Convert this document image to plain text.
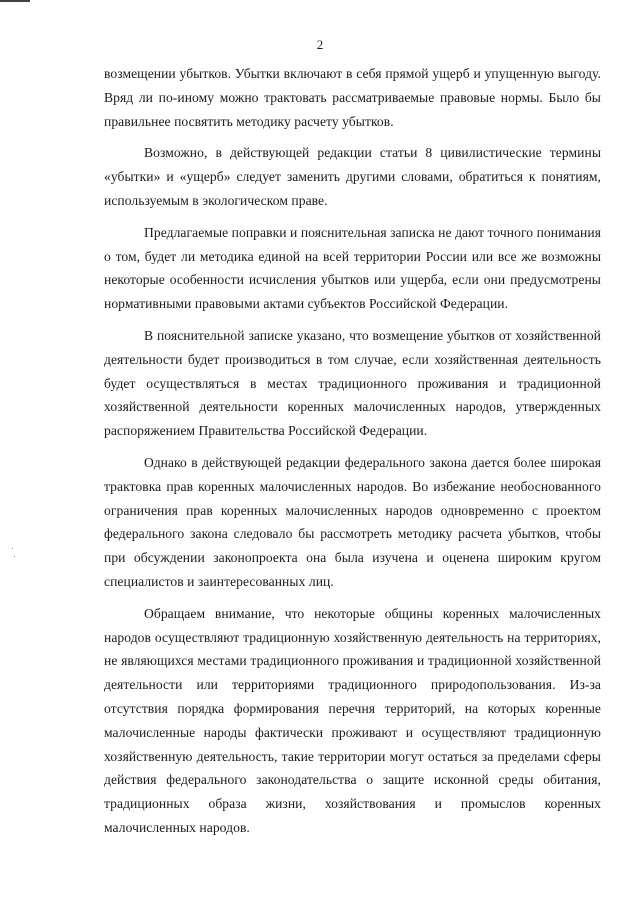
2

возмещении убытков. Убытки включают в себя прямой ущерб и упущенную выгоду. Вряд ли по-иному можно трактовать рассматриваемые правовые нормы. Было бы правильнее посвятить методику расчету убытков.

Возможно, в действующей редакции статьи 8 цивилистические термины «убытки» и «ущерб» следует заменить другими словами, обратиться к понятиям, используемым в экологическом праве.

Предлагаемые поправки и пояснительная записка не дают точного понимания о том, будет ли методика единой на всей территории России или все же возможны некоторые особенности исчисления убытков или ущерба, если они предусмотрены нормативными правовыми актами субъектов Российской Федерации.

В пояснительной записке указано, что возмещение убытков от хозяйственной деятельности будет производиться в том случае, если хозяйственная деятельность будет осуществляться в местах традиционного проживания и традиционной хозяйственной деятельности коренных малочисленных народов, утвержденных распоряжением Правительства Российской Федерации.

Однако в действующей редакции федерального закона дается более широкая трактовка прав коренных малочисленных народов. Во избежание необоснованного ограничения прав коренных малочисленных народов одновременно с проектом федерального закона следовало бы рассмотреть методику расчета убытков, чтобы при обсуждении законопроекта она была изучена и оценена широким кругом специалистов и заинтересованных лиц.

Обращаем внимание, что некоторые общины коренных малочисленных народов осуществляют традиционную хозяйственную деятельность на территориях, не являющихся местами традиционного проживания и традиционной хозяйственной деятельности или территориями традиционного природопользования. Из-за отсутствия порядка формирования перечня территорий, на которых коренные малочисленные народы фактически проживают и осуществляют традиционную хозяйственную деятельность, такие территории могут остаться за пределами сферы действия федерального законодательства о защите исконной среды обитания, традиционных образа жизни, хозяйствования и промыслов коренных малочисленных народов.
